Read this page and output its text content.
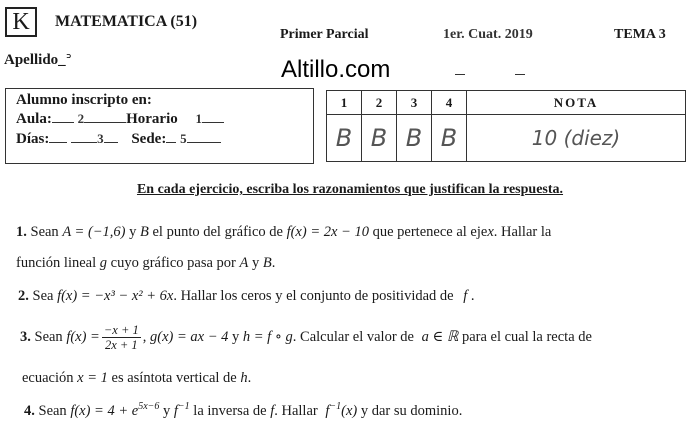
K	MATEMATICA (51)
Primer Parcial	1er. Cuat. 2019	TEMA 3
Apellido_ᐣ	Altillo.com
Alumno inscripto en:
Aula: 2	Horario 1
Días:	3 Sede: 5
1	2	3	4	NOTA
B	B	B	B	10 (diez)
En cada ejercicio, escriba los razonamientos que justifican la respuesta.
1. Sean A = (−1,6) y B el punto del gráfico de f(x) = 2x − 10 que pertenece al ejex. Hallar la
función lineal g cuyo gráfico pasa por A y B.
2. Sea f(x) = −x³ − x² + 6x. Hallar los ceros y el conjunto de positividad de f .
3. Sean $f(x) = \frac{-x + 1}{2x + 1}$ , g(x) = ax − 4 y h = f ∘ g. Calcular el valor de a ∈ ℝ para el cual la recta de
ecuación x = 1 es asíntota vertical de h.
4. Sean $f(x) = 4 + e^{5x-6}$ y $f^{-1}$ la inversa de f. Hallar $f^{-1}(x)$ y dar su dominio.
